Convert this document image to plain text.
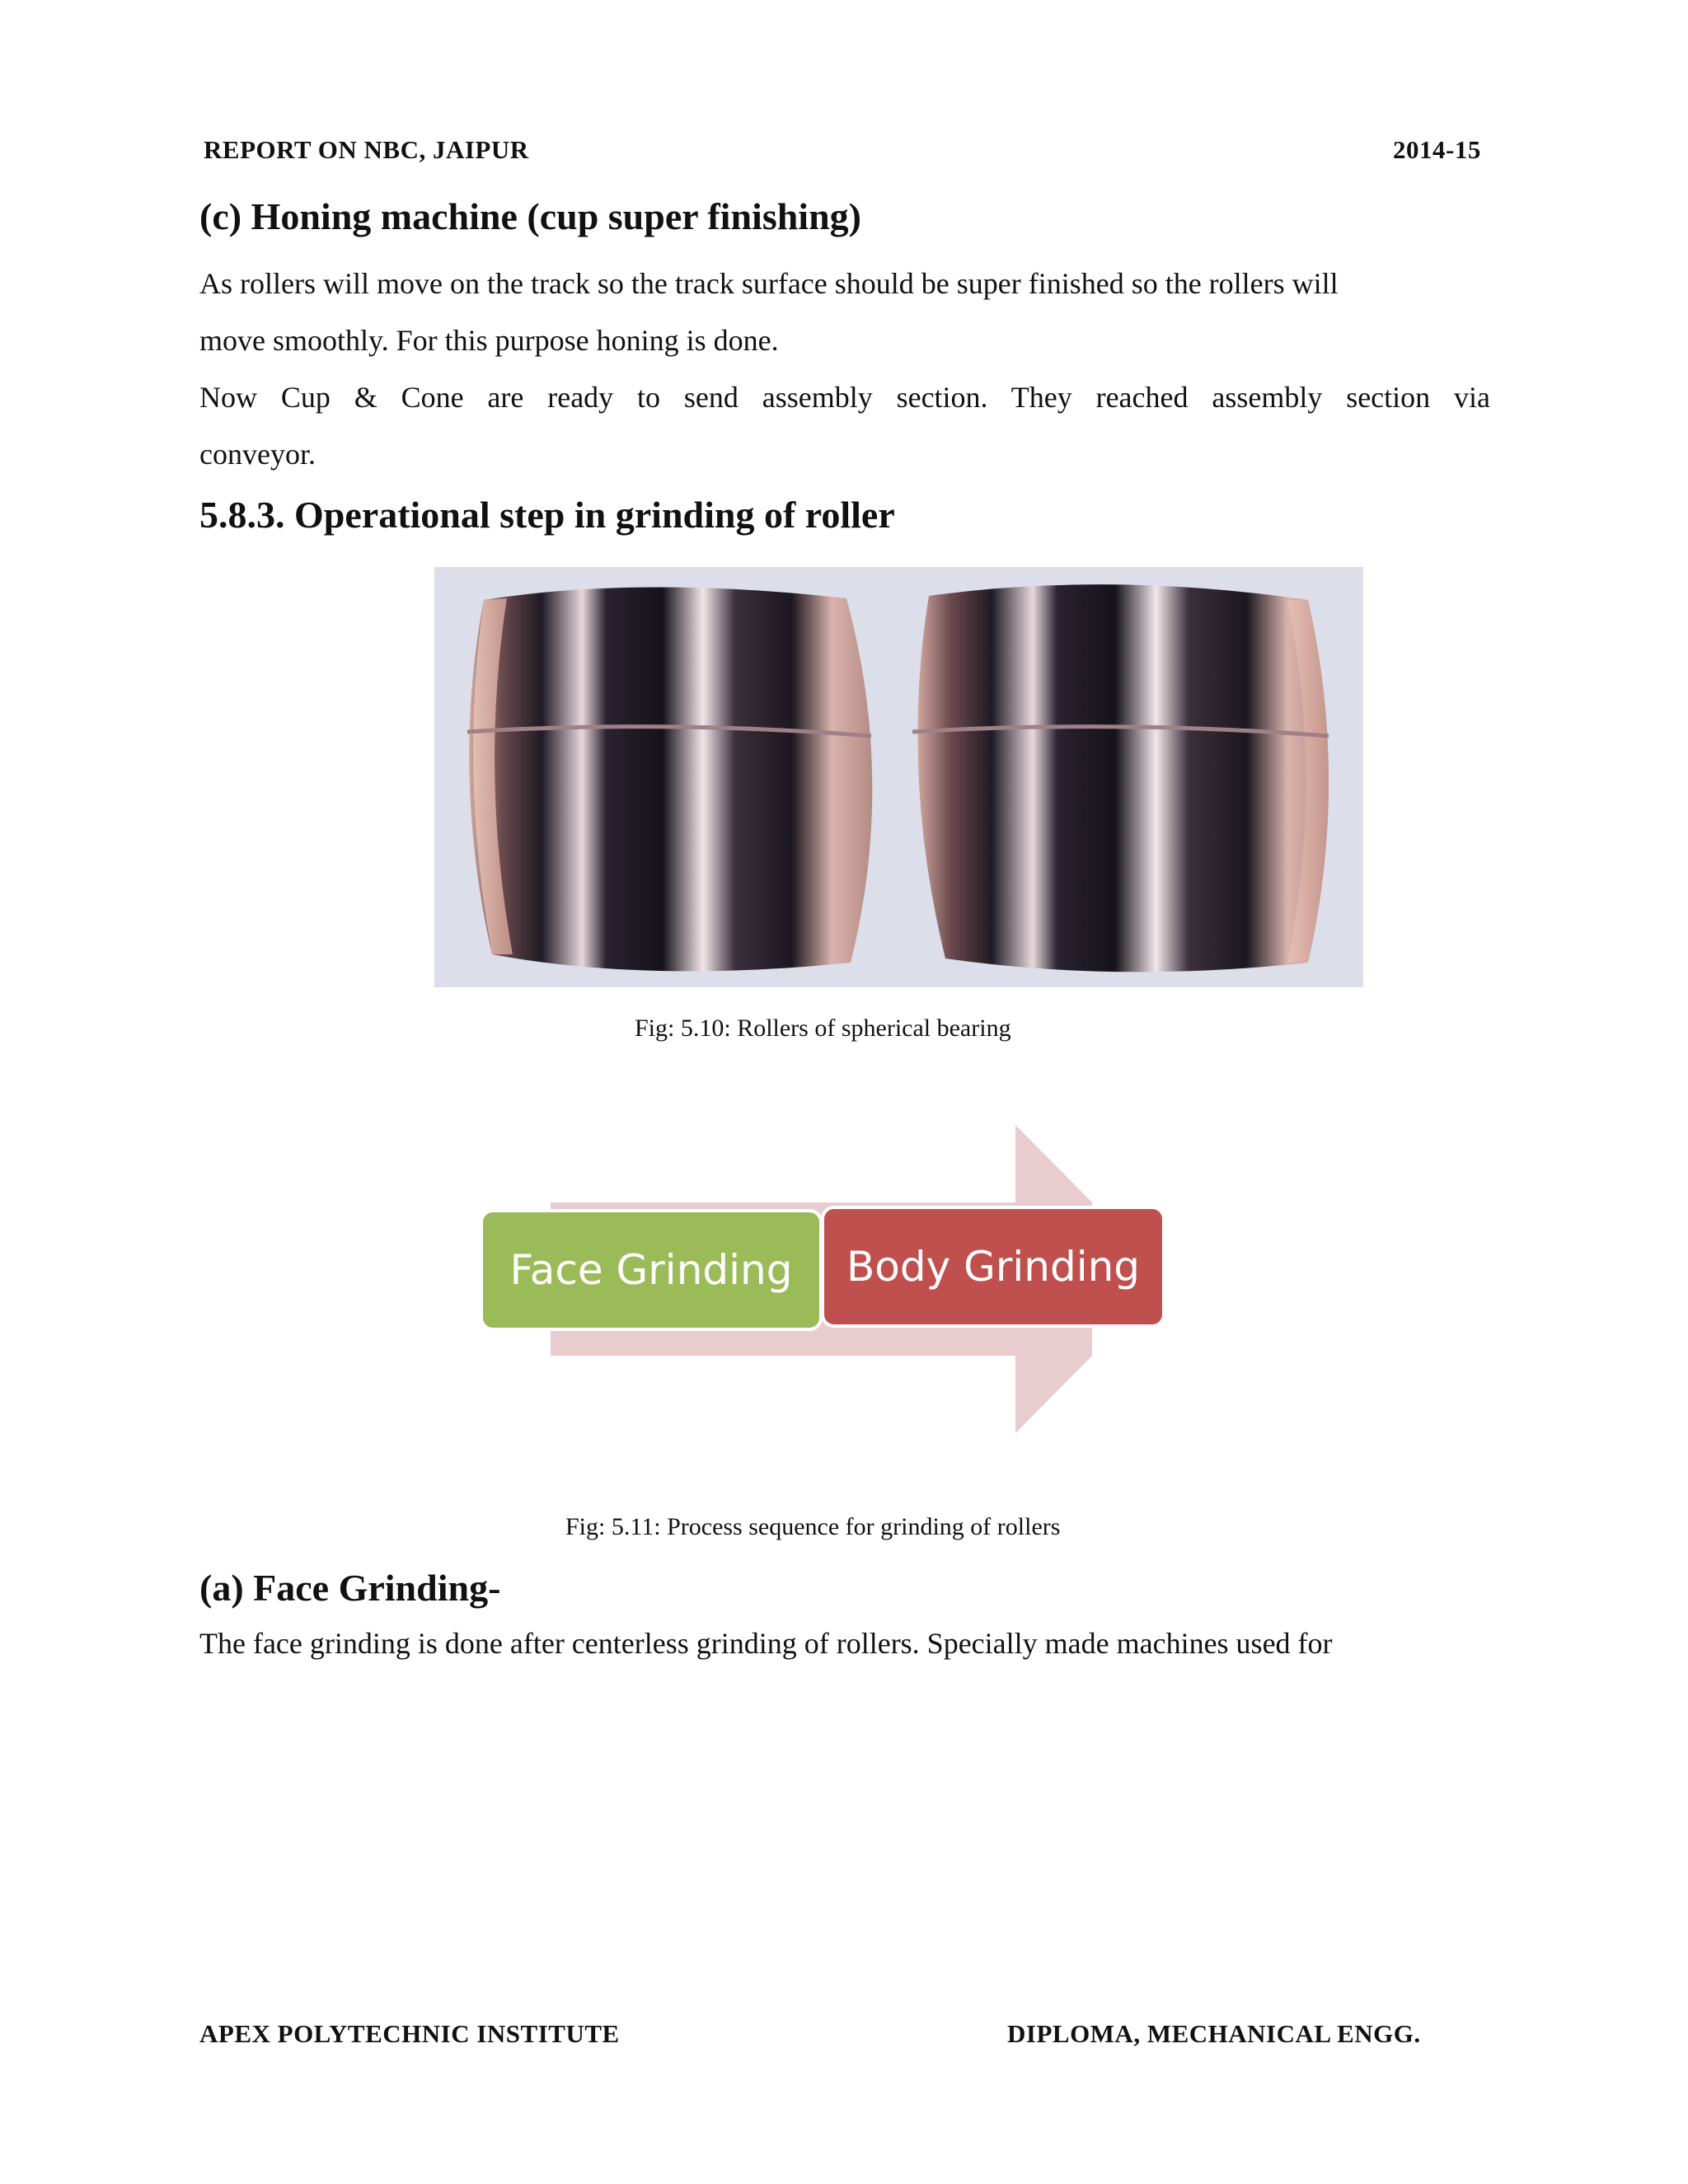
REPORT ON NBC, JAIPUR	2014-15
(c) Honing machine (cup super finishing)
As rollers will move on the track so the track surface should be super finished so the rollers will
move smoothly. For this purpose honing is done.
Now Cup & Cone are ready to send assembly section. They reached assembly section via
conveyor.
5.8.3. Operational step in grinding of roller
Fig: 5.10: Rollers of spherical bearing
Face Grinding	Body Grinding
Fig: 5.11: Process sequence for grinding of rollers
(a) Face Grinding-
The face grinding is done after centerless grinding of rollers. Specially made machines used for
APEX POLYTECHNIC INSTITUTE	DIPLOMA, MECHANICAL ENGG.
